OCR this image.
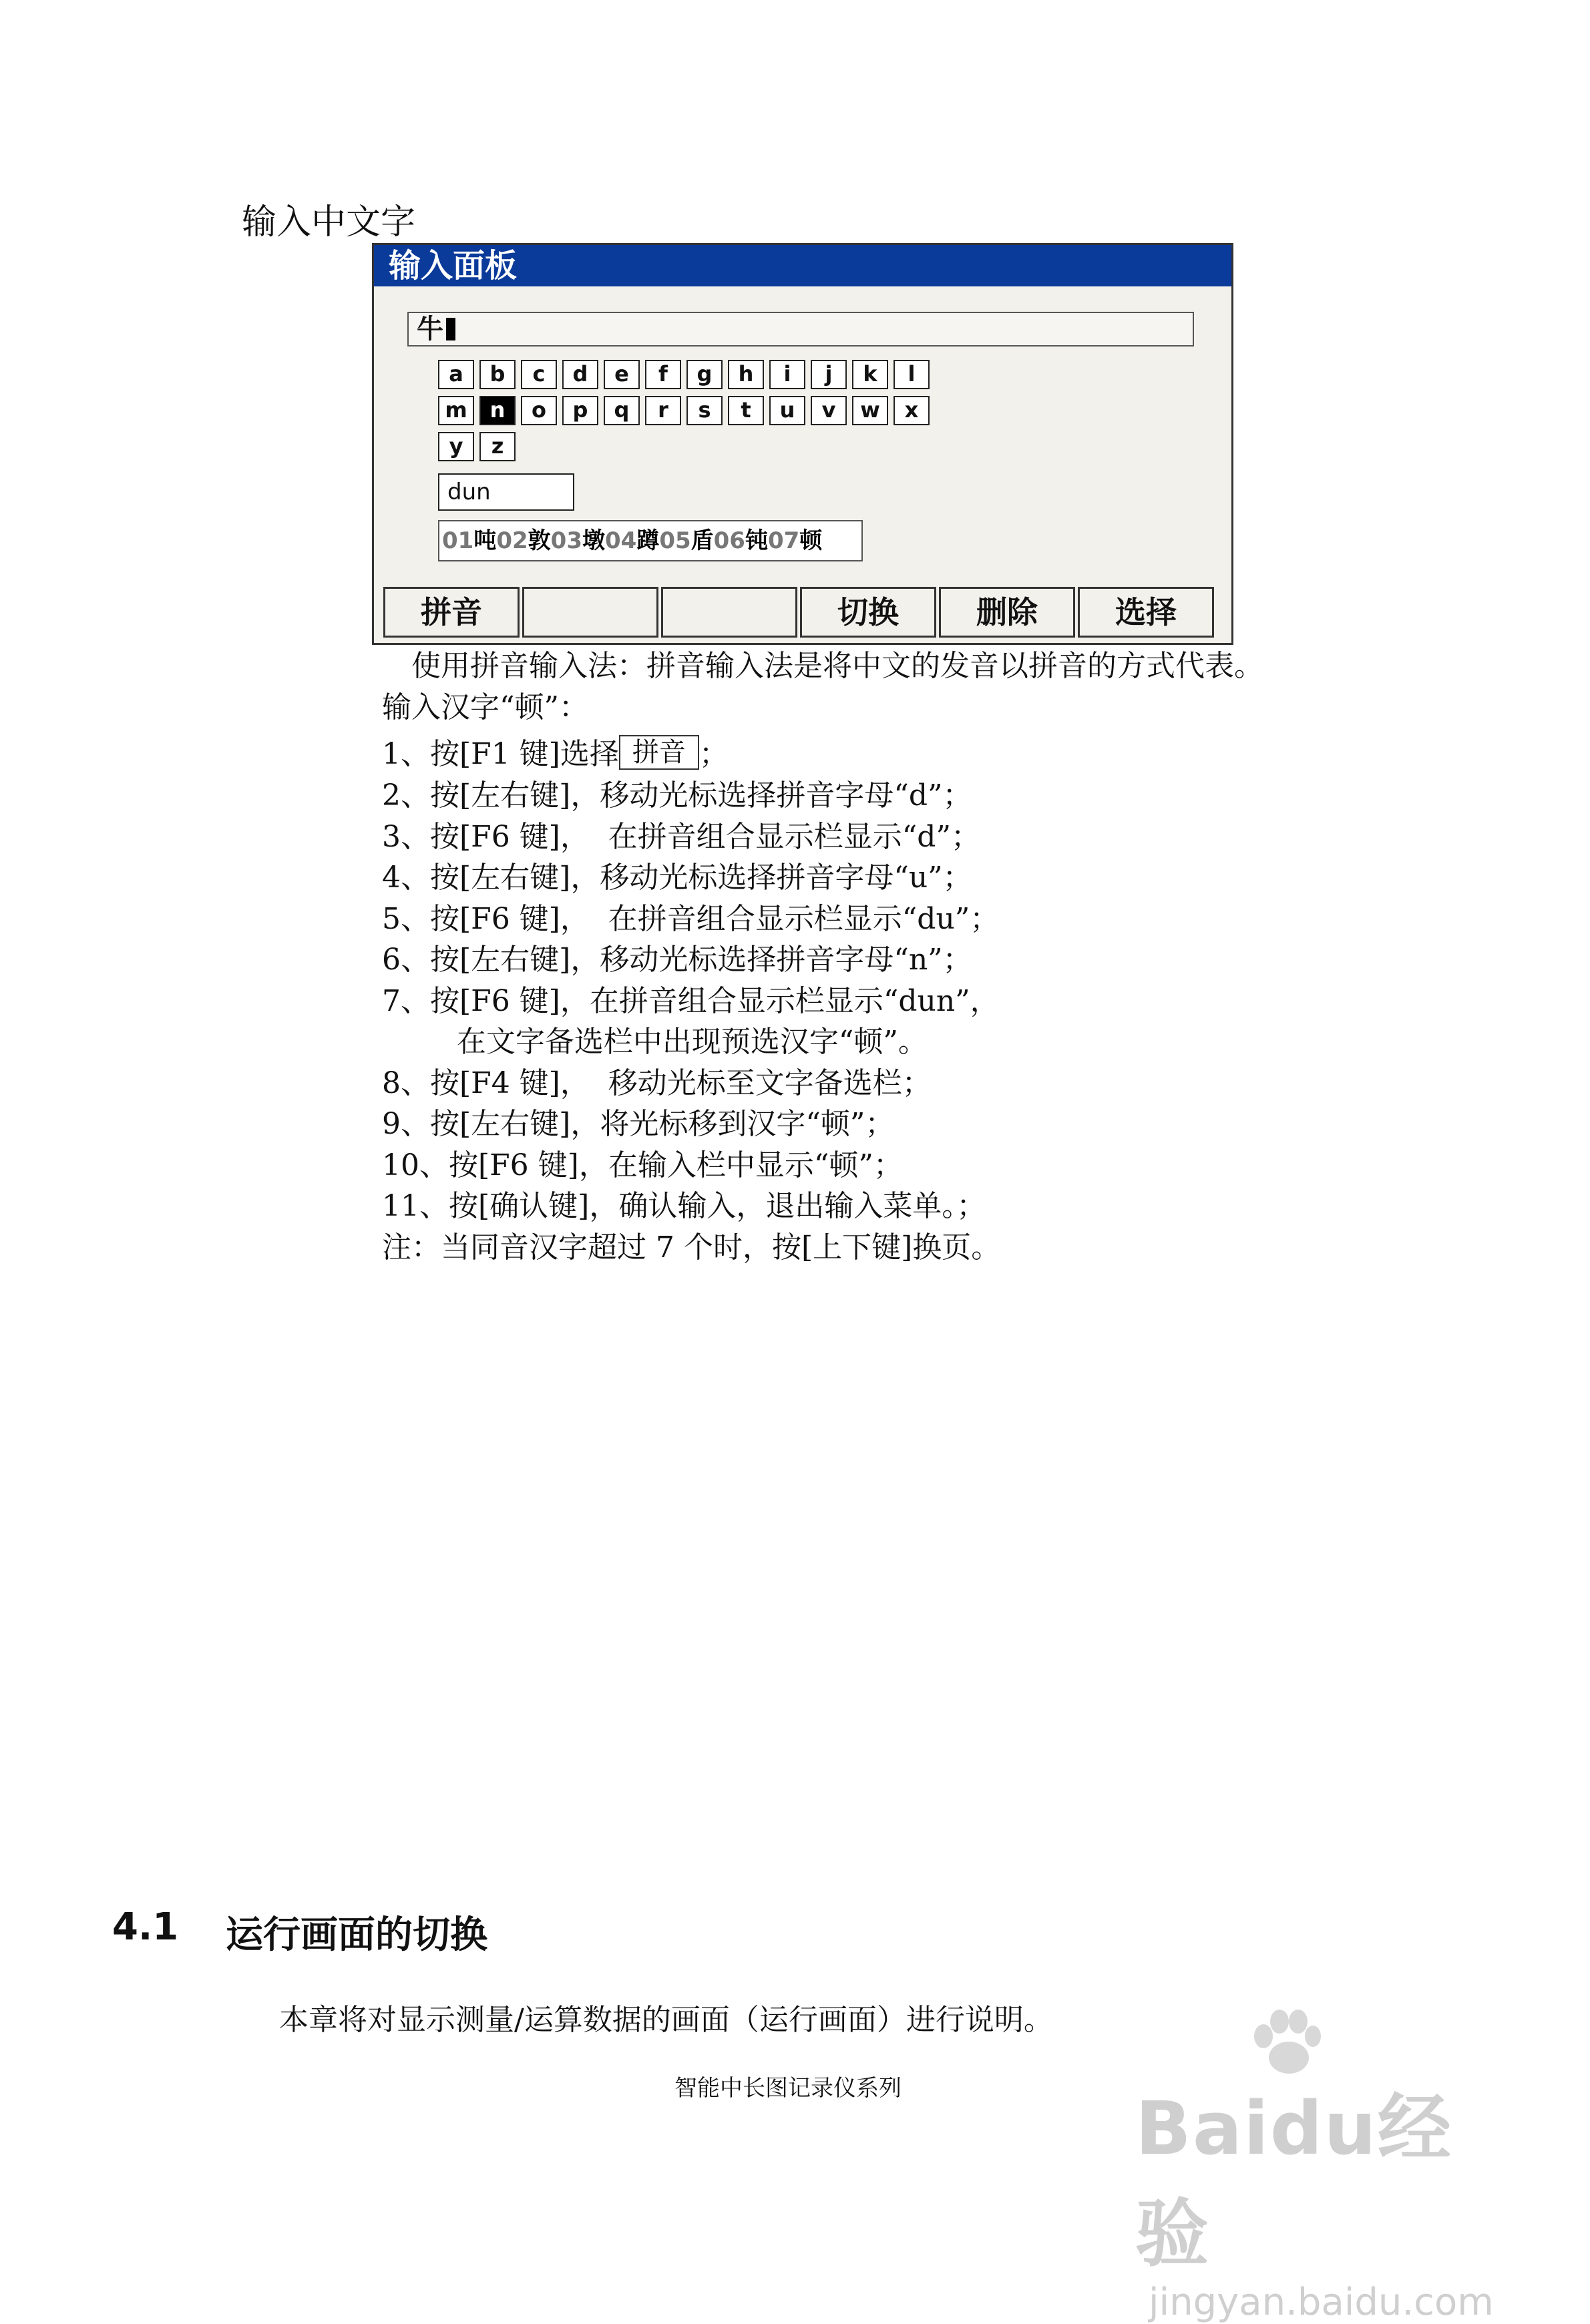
输入中文字
输入面板
牛
a	b	c	d	e	f	g	h	i	j	k	l
m	n	o	p	q	r	s	t	u	v	w	x
y	z
dun
01吨02敦03墩04蹲05盾06钝07顿
拼音	切换	删除	选择
使用拼音输入法：拼音输入法是将中文的发音以拼音的方式代表。
输入汉字“顿”：
1、按[F1 键]选择 拼音 ；
2、按[左右键]，移动光标选择拼音字母“d”；
3、按[F6 键]，  在拼音组合显示栏显示“d”；
4、按[左右键]，移动光标选择拼音字母“u”；
5、按[F6 键]，  在拼音组合显示栏显示“du”；
6、按[左右键]，移动光标选择拼音字母“n”；
7、按[F6 键]，在拼音组合显示栏显示“dun”，
在文字备选栏中出现预选汉字“顿”。
8、按[F4 键]，  移动光标至文字备选栏；
9、按[左右键]，将光标移到汉字“顿”；
10、按[F6 键]，在输入栏中显示“顿”；
11、按[确认键]，确认输入，退出输入菜单。；
注：当同音汉字超过 7 个时，按[上下键]换页。
4.1 运行画面的切换
本章将对显示测量/运算数据的画面（运行画面）进行说明。
智能中长图记录仪系列	Baidu经验
jingyan.baidu.com
